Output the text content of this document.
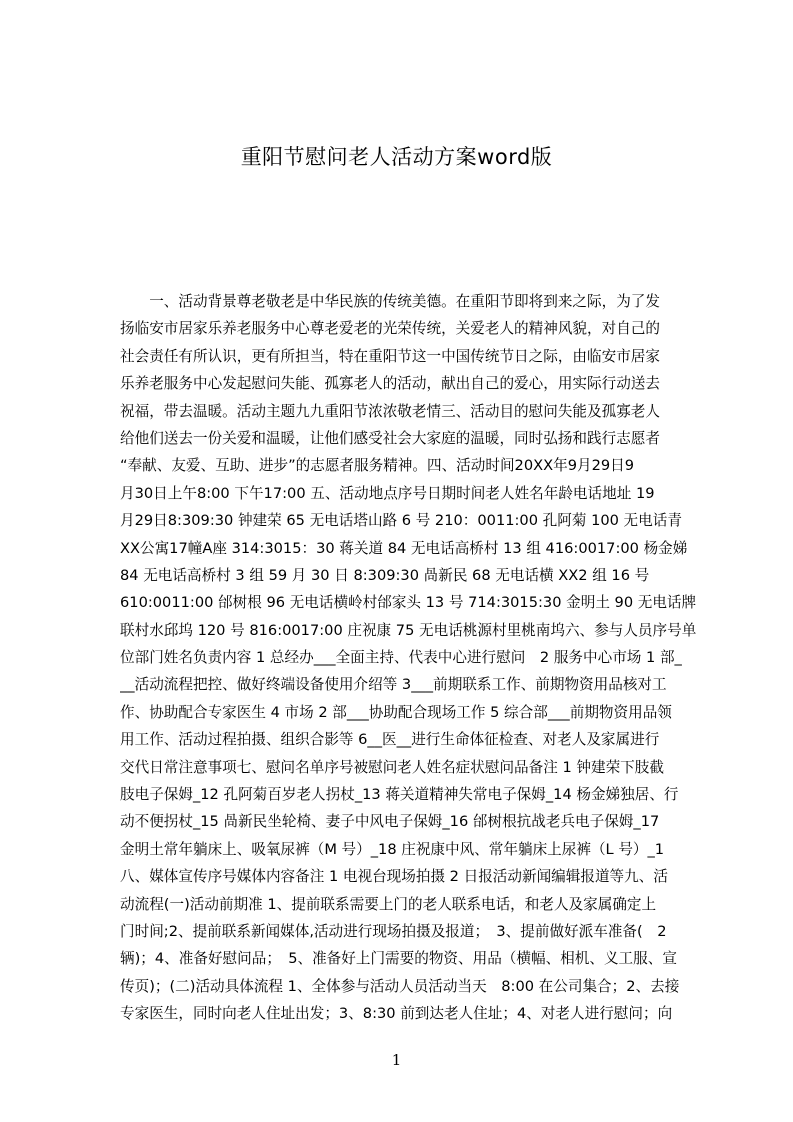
重阳节慰问老人活动方案word版
　　一、活动背景尊老敬老是中华民族的传统美德。在重阳节即将到来之际，为了发
扬临安市居家乐养老服务中心尊老爱老的光荣传统，关爱老人的精神风貌，对自己的
社会责任有所认识，更有所担当，特在重阳节这一中国传统节日之际，由临安市居家
乐养老服务中心发起慰问失能、孤寡老人的活动，献出自己的爱心，用实际行动送去
祝福，带去温暖。活动主题九九重阳节浓浓敬老情三、活动目的慰问失能及孤寡老人
给他们送去一份关爱和温暖，让他们感受社会大家庭的温暖，同时弘扬和践行志愿者
“奉献、友爱、互助、进步”的志愿者服务精神。四、活动时间20XX年9月29日9
月30日上午8:00 下午17:00 五、活动地点序号日期时间老人姓名年龄电话地址 19
月29日8:309:30 钟建荣 65 无电话塔山路 6 号 210：0011:00 孔阿菊 100 无电话青
XX公寓17幢A座 314:3015：30 蒋关道 84 无电话高桥村 13 组 416:0017:00 杨金娣
84 无电话高桥村 3 组 59 月 30 日 8:309:30 咼新民 68 无电话横 XX2 组 16 号
610:0011:00 邰树根 96 无电话横岭村邰家头 13 号 714:3015:30 金明土 90 无电话牌
联村水邱坞 120 号 816:0017:00 庄祝康 75 无电话桃源村里桃南坞六、参与人员序号单
位部门姓名负责内容 1 总经办___全面主持、代表中心进行慰问　2 服务中心市场 1 部_
__活动流程把控、做好终端设备使用介绍等 3___前期联系工作、前期物资用品核对工
作、协助配合专家医生 4 市场 2 部___协助配合现场工作 5 综合部___前期物资用品领
用工作、活动过程拍摄、组织合影等 6__医__进行生命体征检查、对老人及家属进行
交代日常注意事项七、慰问名单序号被慰问老人姓名症状慰问品备注 1 钟建荣下肢截
肢电子保姆_12 孔阿菊百岁老人拐杖_13 蒋关道精神失常电子保姆_14 杨金娣独居、行
动不便拐杖_15 咼新民坐轮椅、妻子中风电子保姆_16 邰树根抗战老兵电子保姆_17
金明土常年躺床上、吸氧尿裤（M 号）_18 庄祝康中风、常年躺床上尿裤（L 号）_1
八、媒体宣传序号媒体内容备注 1 电视台现场拍摄 2 日报活动新闻编辑报道等九、活
动流程(一)活动前期准 1、提前联系需要上门的老人联系电话，和老人及家属确定上
门时间;2、提前联系新闻媒体,活动进行现场拍摄及报道；　3、提前做好派车准备(　2
辆)；4、准备好慰问品；　5、准备好上门需要的物资、用品（横幅、相机、义工服、宣
传页)；(二)活动具体流程 1、全体参与活动人员活动当天　8:00 在公司集合；2、去接
专家医生，同时向老人住址出发；3、8:30 前到达老人住址；4、对老人进行慰问；向
1
